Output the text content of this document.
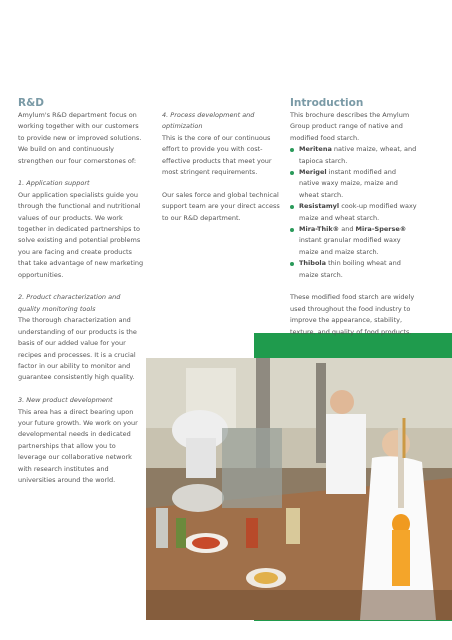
R&D

Amylum's R&D department focus on working together with our customers to provide new or improved solutions. We build on and continuously strengthen our four cornerstones of:

1. Application support

Our application specialists guide you through the functional and nutritional values of our products. We work together in dedicated partnerships to solve existing and potential problems you are facing and create products that take advantage of new marketing opportunities.

2. Product characterization and quality monitoring tools

The thorough characterization and understanding of our products is the basis of our added value for your recipes and processes. It is a crucial factor in our ability to monitor and guarantee consistently high quality.

3. New product development

This area has a direct bearing upon your future growth. We work on your developmental needs in dedicated partnerships that allow you to leverage our collaborative network with research institutes and universities around the world.

4. Process development and optimization

This is the core of our continuous effort to provide you with cost-effective products that meet your most stringent requirements.

Our sales force and global technical support team are your direct access to our R&D department.

Introduction

This brochure describes the Amylum Group product range of native and modified food starch.

Meritena native maize, wheat, and tapioca starch.
Merigel instant modified and native waxy maize, maize and wheat starch.
Resistamyl cook-up modified waxy maize and wheat starch.
Mira-Thik® and Mira-Sperse® instant granular modified waxy maize and maize starch.
Thibola thin boiling wheat and maize starch.

These modified food starch are widely used throughout the food industry to improve the appearance, stability, texture, and quality of food products.
